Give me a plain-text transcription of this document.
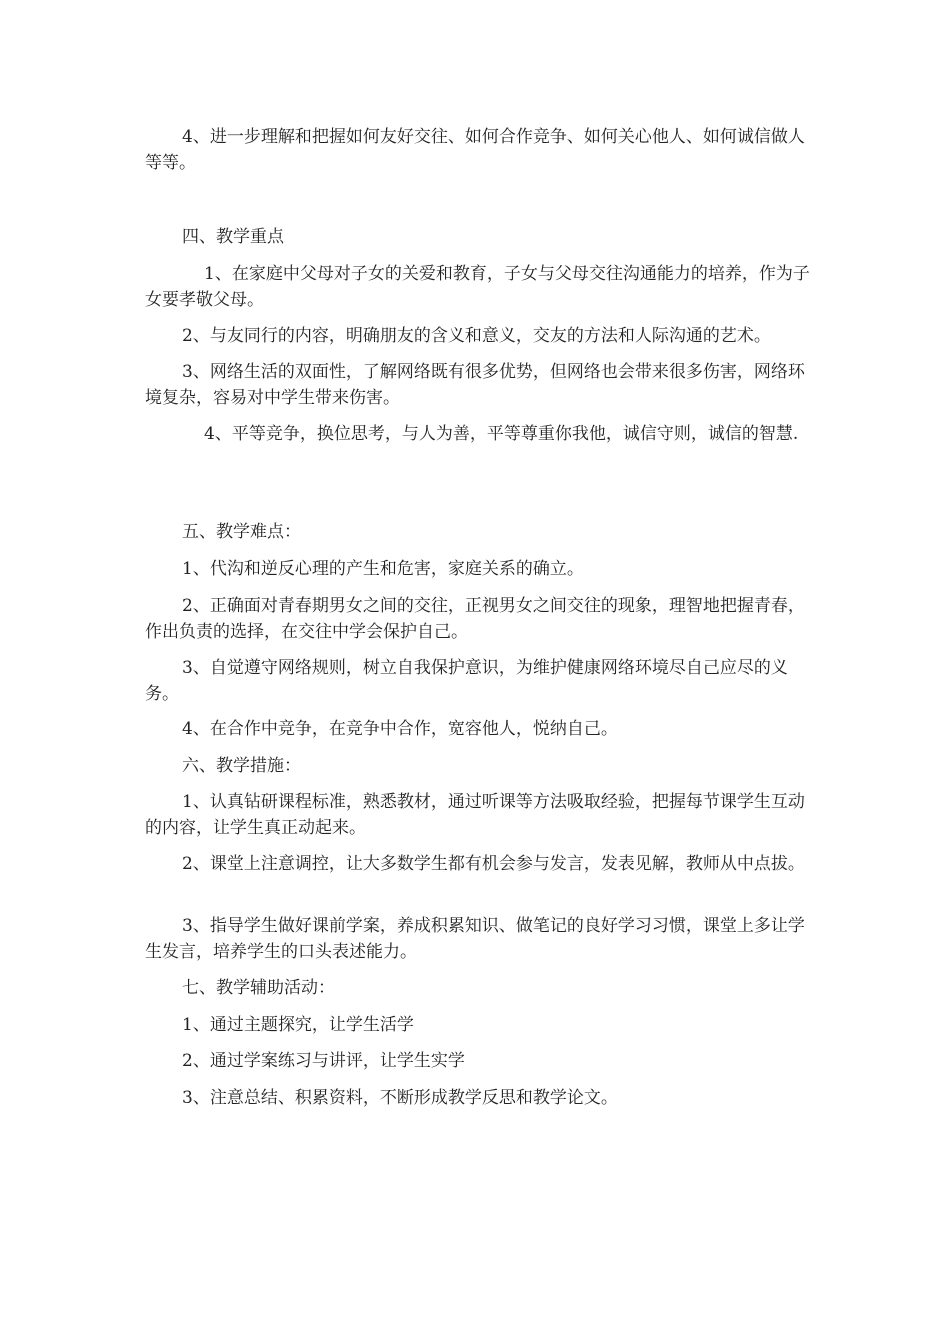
4、进一步理解和把握如何友好交往、如何合作竞争、如何关心他人、如何诚信做人等等。

四、教学重点

1、在家庭中父母对子女的关爱和教育，子女与父母交往沟通能力的培养，作为子女要孝敬父母。

2、与友同行的内容，明确朋友的含义和意义，交友的方法和人际沟通的艺术。

3、网络生活的双面性，了解网络既有很多优势，但网络也会带来很多伤害，网络环境复杂，容易对中学生带来伤害。

4、平等竞争，换位思考，与人为善，平等尊重你我他，诚信守则，诚信的智慧.

五、教学难点：

1、代沟和逆反心理的产生和危害，家庭关系的确立。

2、正确面对青春期男女之间的交往，正视男女之间交往的现象，理智地把握青春，作出负责的选择，在交往中学会保护自己。

3、自觉遵守网络规则，树立自我保护意识，为维护健康网络环境尽自己应尽的义务。

4、在合作中竞争，在竞争中合作，宽容他人，悦纳自己。

六、教学措施：

1、认真钻研课程标准，熟悉教材，通过听课等方法吸取经验，把握每节课学生互动的内容，让学生真正动起来。

2、课堂上注意调控，让大多数学生都有机会参与发言，发表见解，教师从中点拔。

3、指导学生做好课前学案，养成积累知识、做笔记的良好学习习惯，课堂上多让学生发言，培养学生的口头表述能力。

七、教学辅助活动：

1、通过主题探究，让学生活学

2、通过学案练习与讲评，让学生实学

3、注意总结、积累资料，不断形成教学反思和教学论文。
